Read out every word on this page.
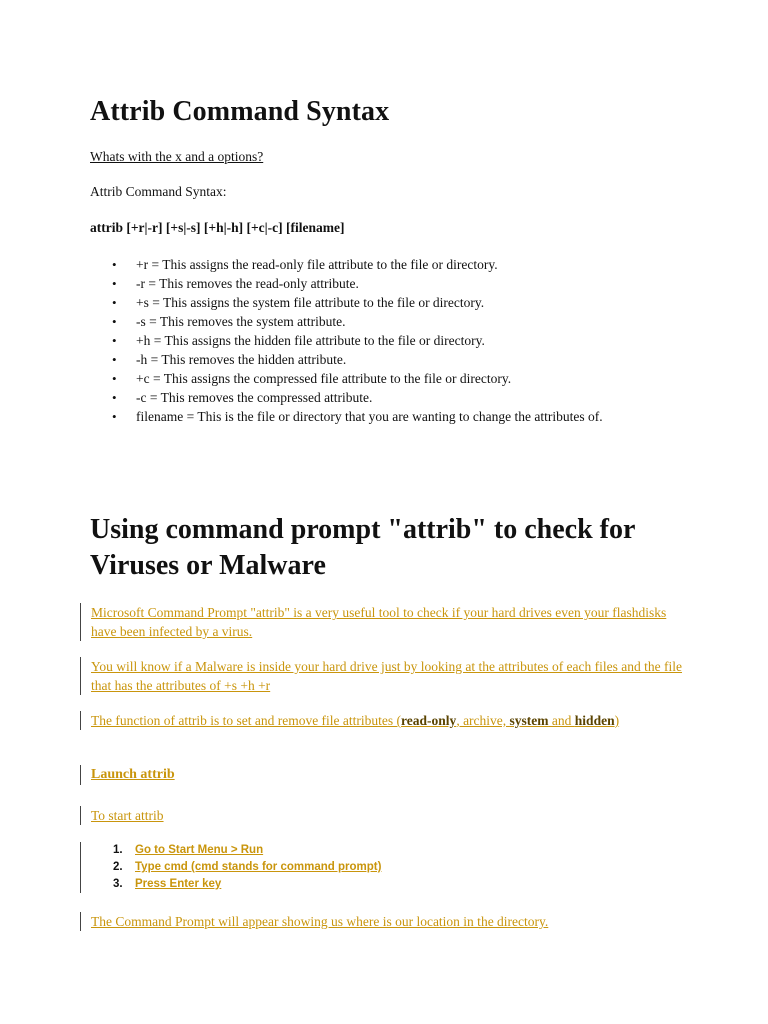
Attrib Command Syntax
Whats with the x and a options?
Attrib Command Syntax:
attrib [+r|-r] [+s|-s] [+h|-h] [+c|-c] [filename]
• +r = This assigns the read-only file attribute to the file or directory.
• -r = This removes the read-only attribute.
• +s = This assigns the system file attribute to the file or directory.
• -s = This removes the system attribute.
• +h = This assigns the hidden file attribute to the file or directory.
• -h = This removes the hidden attribute.
• +c = This assigns the compressed file attribute to the file or directory.
• -c = This removes the compressed attribute.
• filename = This is the file or directory that you are wanting to change the attributes of.
Using command prompt "attrib" to check for Viruses or Malware
Microsoft Command Prompt "attrib" is a very useful tool to check if your hard drives even your flashdisks have been infected by a virus.
You will know if a Malware is inside your hard drive just by looking at the attributes of each files and the file that has the attributes of +s +h +r
The function of attrib is to set and remove file attributes (read-only, archive, system and hidden)
Launch attrib
To start attrib
1. Go to Start Menu > Run
2. Type cmd (cmd stands for command prompt)
3. Press Enter key
The Command Prompt will appear showing us where is our location in the directory.
